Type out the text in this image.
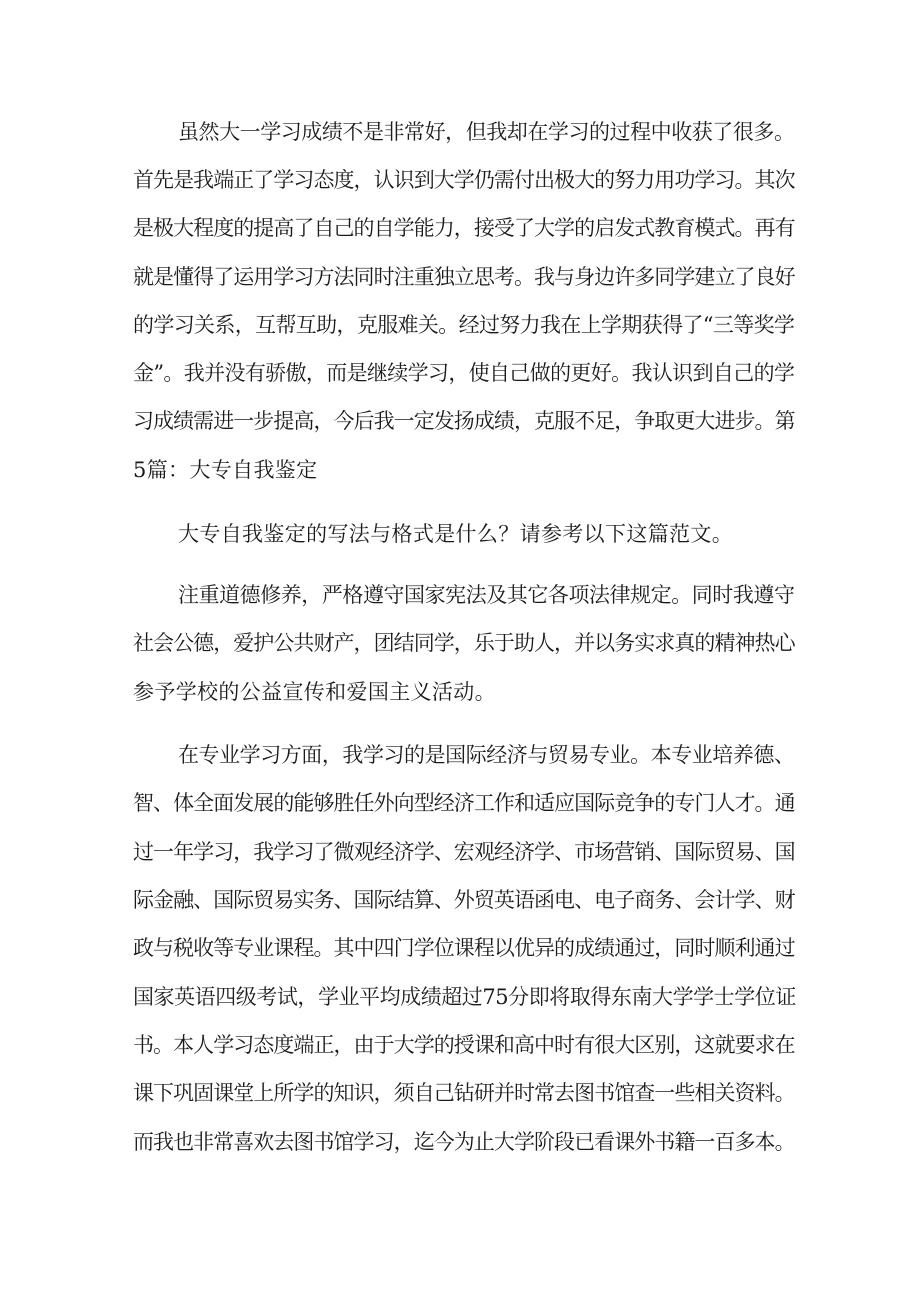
虽然大一学习成绩不是非常好，但我却在学习的过程中收获了很多。
首先是我端正了学习态度，认识到大学仍需付出极大的努力用功学习。其次
是极大程度的提高了自己的自学能力，接受了大学的启发式教育模式。再有
就是懂得了运用学习方法同时注重独立思考。我与身边许多同学建立了良好
的学习关系，互帮互助，克服难关。经过努力我在上学期获得了“三等奖学
金”。我并没有骄傲，而是继续学习，使自己做的更好。我认识到自己的学
习成绩需进一步提高，今后我一定发扬成绩，克服不足，争取更大进步。第
5篇：大专自我鉴定
大专自我鉴定的写法与格式是什么？请参考以下这篇范文。
注重道德修养，严格遵守国家宪法及其它各项法律规定。同时我遵守
社会公德，爱护公共财产，团结同学，乐于助人，并以务实求真的精神热心
参予学校的公益宣传和爱国主义活动。
在专业学习方面，我学习的是国际经济与贸易专业。本专业培养德、
智、体全面发展的能够胜任外向型经济工作和适应国际竞争的专门人才。通
过一年学习，我学习了微观经济学、宏观经济学、市场营销、国际贸易、国
际金融、国际贸易实务、国际结算、外贸英语函电、电子商务、会计学、财
政与税收等专业课程。其中四门学位课程以优异的成绩通过，同时顺利通过
国家英语四级考试，学业平均成绩超过75分即将取得东南大学学士学位证
书。本人学习态度端正，由于大学的授课和高中时有很大区别，这就要求在
课下巩固课堂上所学的知识，须自己钻研并时常去图书馆查一些相关资料。
而我也非常喜欢去图书馆学习，迄今为止大学阶段已看课外书籍一百多本。
